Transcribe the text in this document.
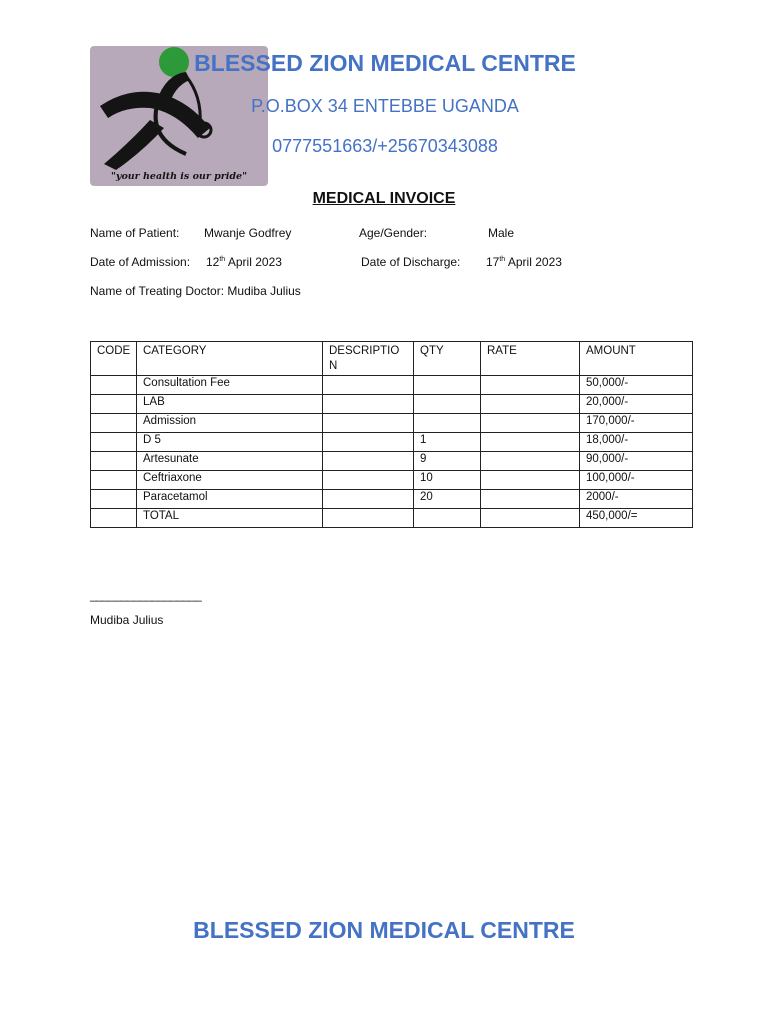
"your health is our pride"
BLESSED ZION MEDICAL CENTRE
P.O.BOX 34 ENTEBBE UGANDA
0777551663/+25670343088
MEDICAL INVOICE
Name of Patient: Mwanje Godfrey	Age/Gender:	Male
Date of Admission: 12th April 2023	Date of Discharge: 17th April 2023
Name of Treating Doctor: Mudiba Julius
CODE	CATEGORY	DESCRIPTION	QTY	RATE	AMOUNT
	Consultation Fee				50,000/-
	LAB				20,000/-
	Admission				170,000/-
	D 5		1		18,000/-
	Artesunate		9		90,000/-
	Ceftriaxone		10		100,000/-
	Paracetamol		20		2000/-
	TOTAL				450,000/=
__________________
Mudiba Julius
BLESSED ZION MEDICAL CENTRE
